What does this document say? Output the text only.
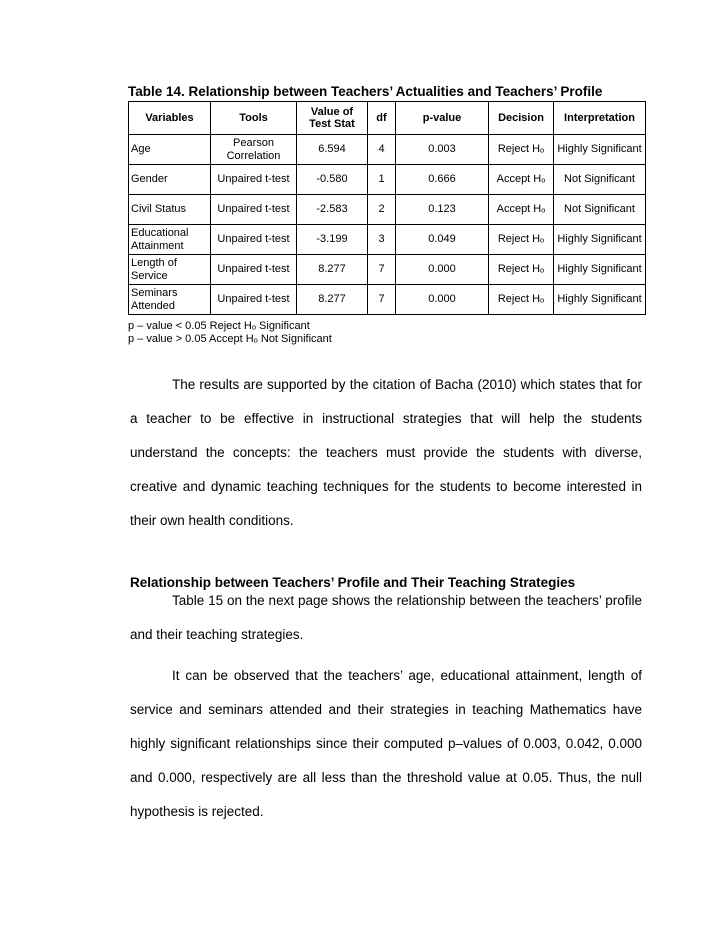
Table 14. Relationship between Teachers’ Actualities and Teachers’ Profile
Variables	Tools	Value of Test Stat	df	p-value	Decision	Interpretation
Age	Pearson Correlation	6.594	4	0.003	Reject Hₒ	Highly Significant
Gender	Unpaired t-test	-0.580	1	0.666	Accept Hₒ	Not Significant
Civil Status	Unpaired t-test	-2.583	2	0.123	Accept Hₒ	Not Significant
Educational Attainment	Unpaired t-test	-3.199	3	0.049	Reject Hₒ	Highly Significant
Length of Service	Unpaired t-test	8.277	7	0.000	Reject Hₒ	Highly Significant
Seminars Attended	Unpaired t-test	8.277	7	0.000	Reject Hₒ	Highly Significant
p – value < 0.05 Reject Hₒ Significant
p – value > 0.05 Accept Hₒ Not Significant
The results are supported by the citation of Bacha (2010) which states that for a teacher to be effective in instructional strategies that will help the students understand the concepts: the teachers must provide the students with diverse, creative and dynamic teaching techniques for the students to become interested in their own health conditions.
Relationship between Teachers’ Profile and Their Teaching Strategies
Table 15 on the next page shows the relationship between the teachers’ profile and their teaching strategies.
It can be observed that the teachers’ age, educational attainment, length of service and seminars attended and their strategies in teaching Mathematics have highly significant relationships since their computed p–values of 0.003, 0.042, 0.000 and 0.000, respectively are all less than the threshold value at 0.05. Thus, the null hypothesis is rejected.
